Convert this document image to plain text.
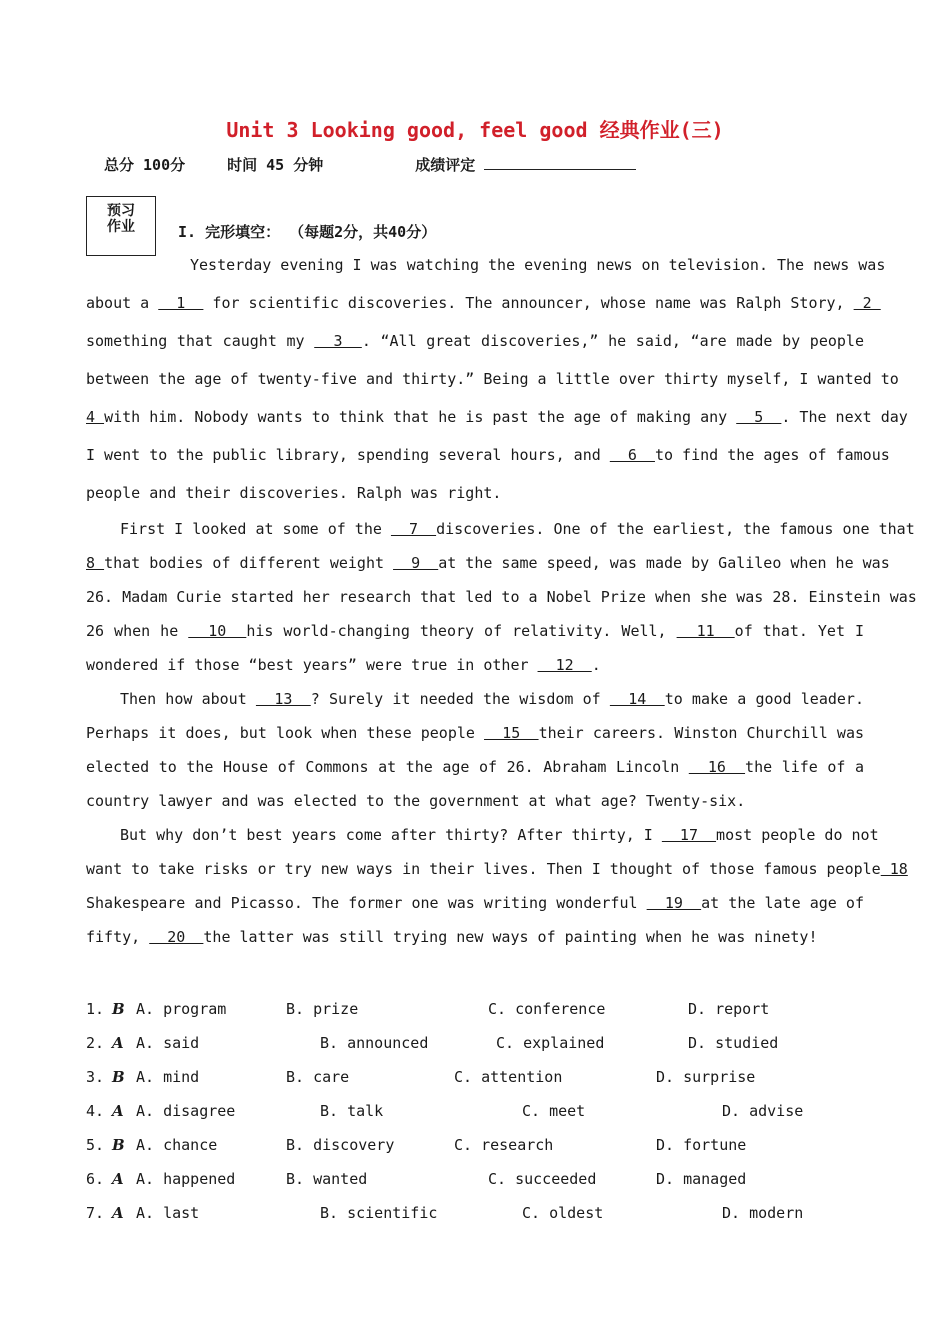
Unit 3 Looking good, feel good 经典作业(三)
总分 100分	时间 45 分钟	成绩评定
预习
作业	I. 完形填空： （每题2分，共40分）
Yesterday evening I was watching the evening news on television. The news was
about a   1   for scientific discoveries. The announcer, whose name was Ralph Story,  2
something that caught my   3  . “All great discoveries,” he said, “are made by people
between the age of twenty-five and thirty.” Being a little over thirty myself, I wanted to
4 with him. Nobody wants to think that he is past the age of making any   5  . The next day
I went to the public library, spending several hours, and   6  to find the ages of famous
people and their discoveries. Ralph was right.
First I looked at some of the   7  discoveries. One of the earliest, the famous one that
8 that bodies of different weight   9  at the same speed, was made by Galileo when he was
26. Madam Curie started her research that led to a Nobel Prize when she was 28. Einstein was
26 when he   10  his world-changing theory of relativity. Well,   11  of that. Yet I
wondered if those “best years” were true in other   12  .
Then how about   13  ? Surely it needed the wisdom of   14  to make a good leader.
Perhaps it does, but look when these people   15  their careers. Winston Churchill was
elected to the House of Commons at the age of 26. Abraham Lincoln   16  the life of a
country lawyer and was elected to the government at what age? Twenty-six.
But why don’t best years come after thirty? After thirty, I   17  most people do not
want to take risks or try new ways in their lives. Then I thought of those famous people 18
Shakespeare and Picasso. The former one was writing wonderful   19  at the late age of
fifty,   20  the latter was still trying new ways of painting when he was ninety!
1. B A. program	B. prize	C. conference	D. report
2. A A. said	B. announced	C. explained	D. studied
3. B A. mind	B. care	C. attention	D. surprise
4. A A. disagree	B. talk	C. meet	D. advise
5. B A. chance	B. discovery	C. research	D. fortune
6. A A. happened	B. wanted	C. succeeded	D. managed
7. A A. last	B. scientific	C. oldest	D. modern
